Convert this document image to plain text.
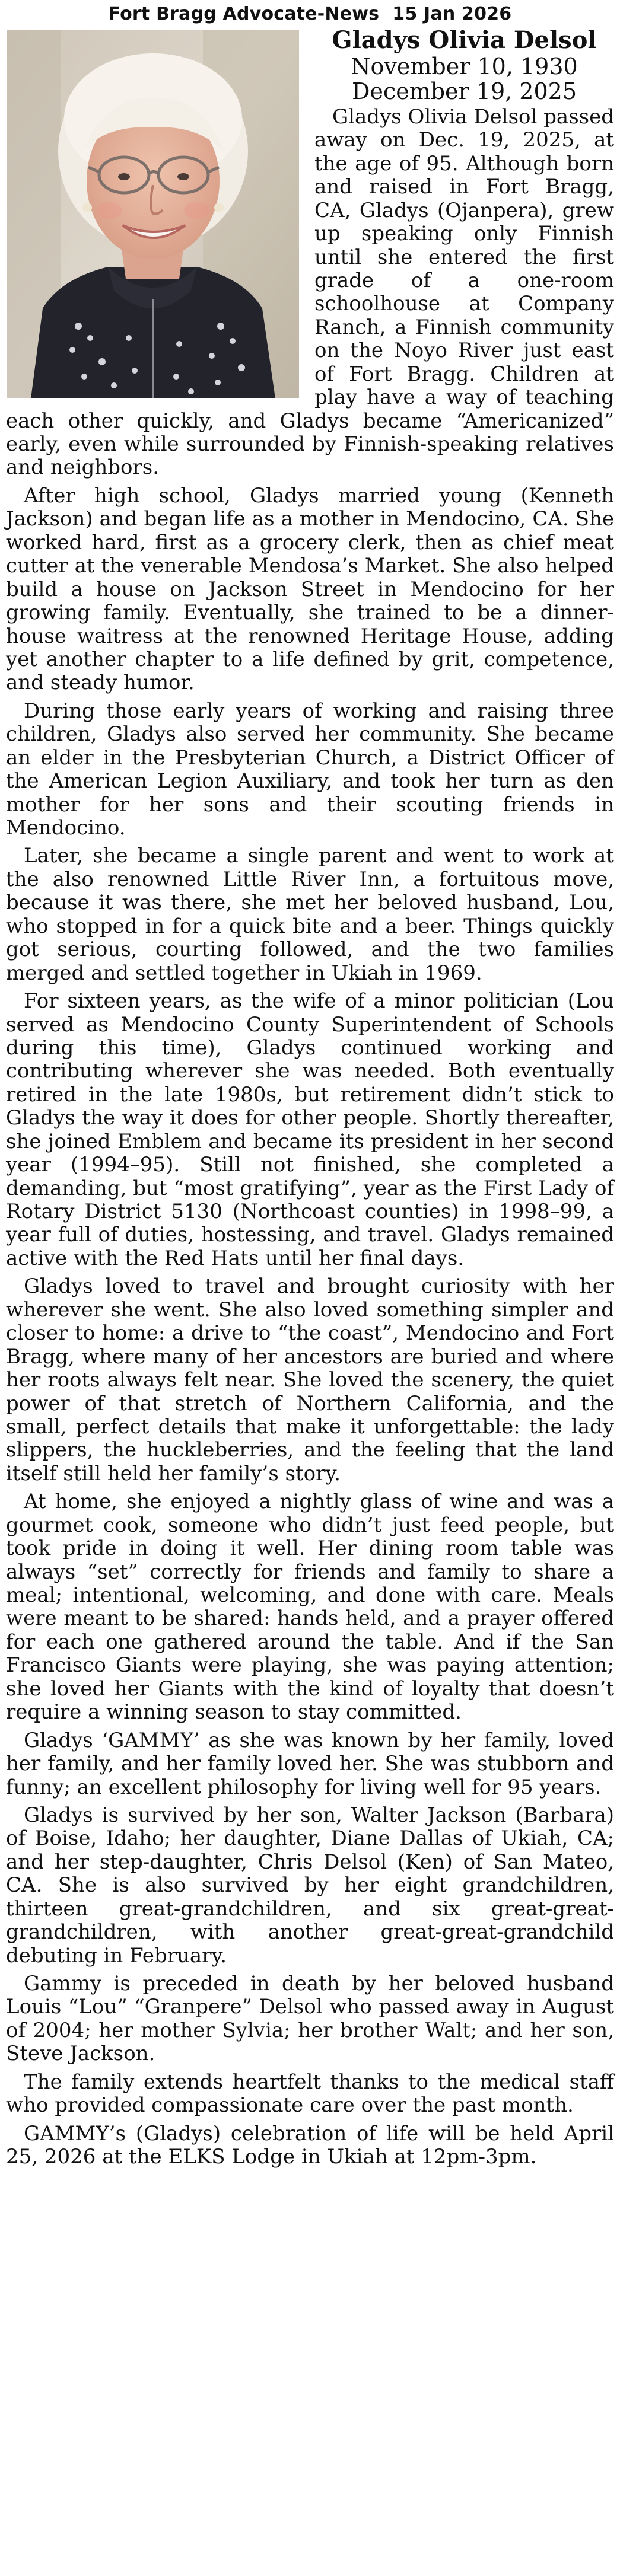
Fort Bragg Advocate-News 15 Jan 2026
Gladys Olivia Delsol
November 10, 1930
December 19, 2025

Gladys Olivia Delsol passed away on Dec. 19, 2025, at the age of 95. Although born and raised in Fort Bragg, CA, Gladys (Ojanpera), grew up speaking only Finnish until she entered the first grade of a one-room schoolhouse at Company Ranch, a Finnish community on the Noyo River just east of Fort Bragg. Children at play have a way of teaching each other quickly, and Gladys became “Americanized” early, even while surrounded by Finnish-speaking relatives and neighbors.

After high school, Gladys married young (Kenneth Jackson) and began life as a mother in Mendocino, CA. She worked hard, first as a grocery clerk, then as chief meat cutter at the venerable Mendosa’s Market. She also helped build a house on Jackson Street in Mendocino for her growing family. Eventually, she trained to be a dinner-house waitress at the renowned Heritage House, adding yet another chapter to a life defined by grit, competence, and steady humor.

During those early years of working and raising three children, Gladys also served her community. She became an elder in the Presbyterian Church, a District Officer of the American Legion Auxiliary, and took her turn as den mother for her sons and their scouting friends in Mendocino.

Later, she became a single parent and went to work at the also renowned Little River Inn, a fortuitous move, because it was there, she met her beloved husband, Lou, who stopped in for a quick bite and a beer. Things quickly got serious, courting followed, and the two families merged and settled together in Ukiah in 1969.

For sixteen years, as the wife of a minor politician (Lou served as Mendocino County Superintendent of Schools during this time), Gladys continued working and contributing wherever she was needed. Both eventually retired in the late 1980s, but retirement didn’t stick to Gladys the way it does for other people. Shortly thereafter, she joined Emblem and became its president in her second year (1994–95). Still not finished, she completed a demanding, but “most gratifying”, year as the First Lady of Rotary District 5130 (Northcoast counties) in 1998–99, a year full of duties, hostessing, and travel. Gladys remained active with the Red Hats until her final days.

Gladys loved to travel and brought curiosity with her wherever she went. She also loved something simpler and closer to home: a drive to “the coast”, Mendocino and Fort Bragg, where many of her ancestors are buried and where her roots always felt near. She loved the scenery, the quiet power of that stretch of Northern California, and the small, perfect details that make it unforgettable: the lady slippers, the huckleberries, and the feeling that the land itself still held her family’s story.

At home, she enjoyed a nightly glass of wine and was a gourmet cook, someone who didn’t just feed people, but took pride in doing it well. Her dining room table was always “set” correctly for friends and family to share a meal; intentional, welcoming, and done with care. Meals were meant to be shared: hands held, and a prayer offered for each one gathered around the table. And if the San Francisco Giants were playing, she was paying attention; she loved her Giants with the kind of loyalty that doesn’t require a winning season to stay committed.

Gladys ‘GAMMY’ as she was known by her family, loved her family, and her family loved her. She was stubborn and funny; an excellent philosophy for living well for 95 years.

Gladys is survived by her son, Walter Jackson (Barbara) of Boise, Idaho; her daughter, Diane Dallas of Ukiah, CA; and her step-daughter, Chris Delsol (Ken) of San Mateo, CA. She is also survived by her eight grandchildren, thirteen great-grandchildren, and six great-great-grandchildren, with another great-great-grandchild debuting in February.

Gammy is preceded in death by her beloved husband Louis “Lou” “Granpere” Delsol who passed away in August of 2004; her mother Sylvia; her brother Walt; and her son, Steve Jackson.

The family extends heartfelt thanks to the medical staff who provided compassionate care over the past month.

GAMMY’s (Gladys) celebration of life will be held April 25, 2026 at the ELKS Lodge in Ukiah at 12pm-3pm.
